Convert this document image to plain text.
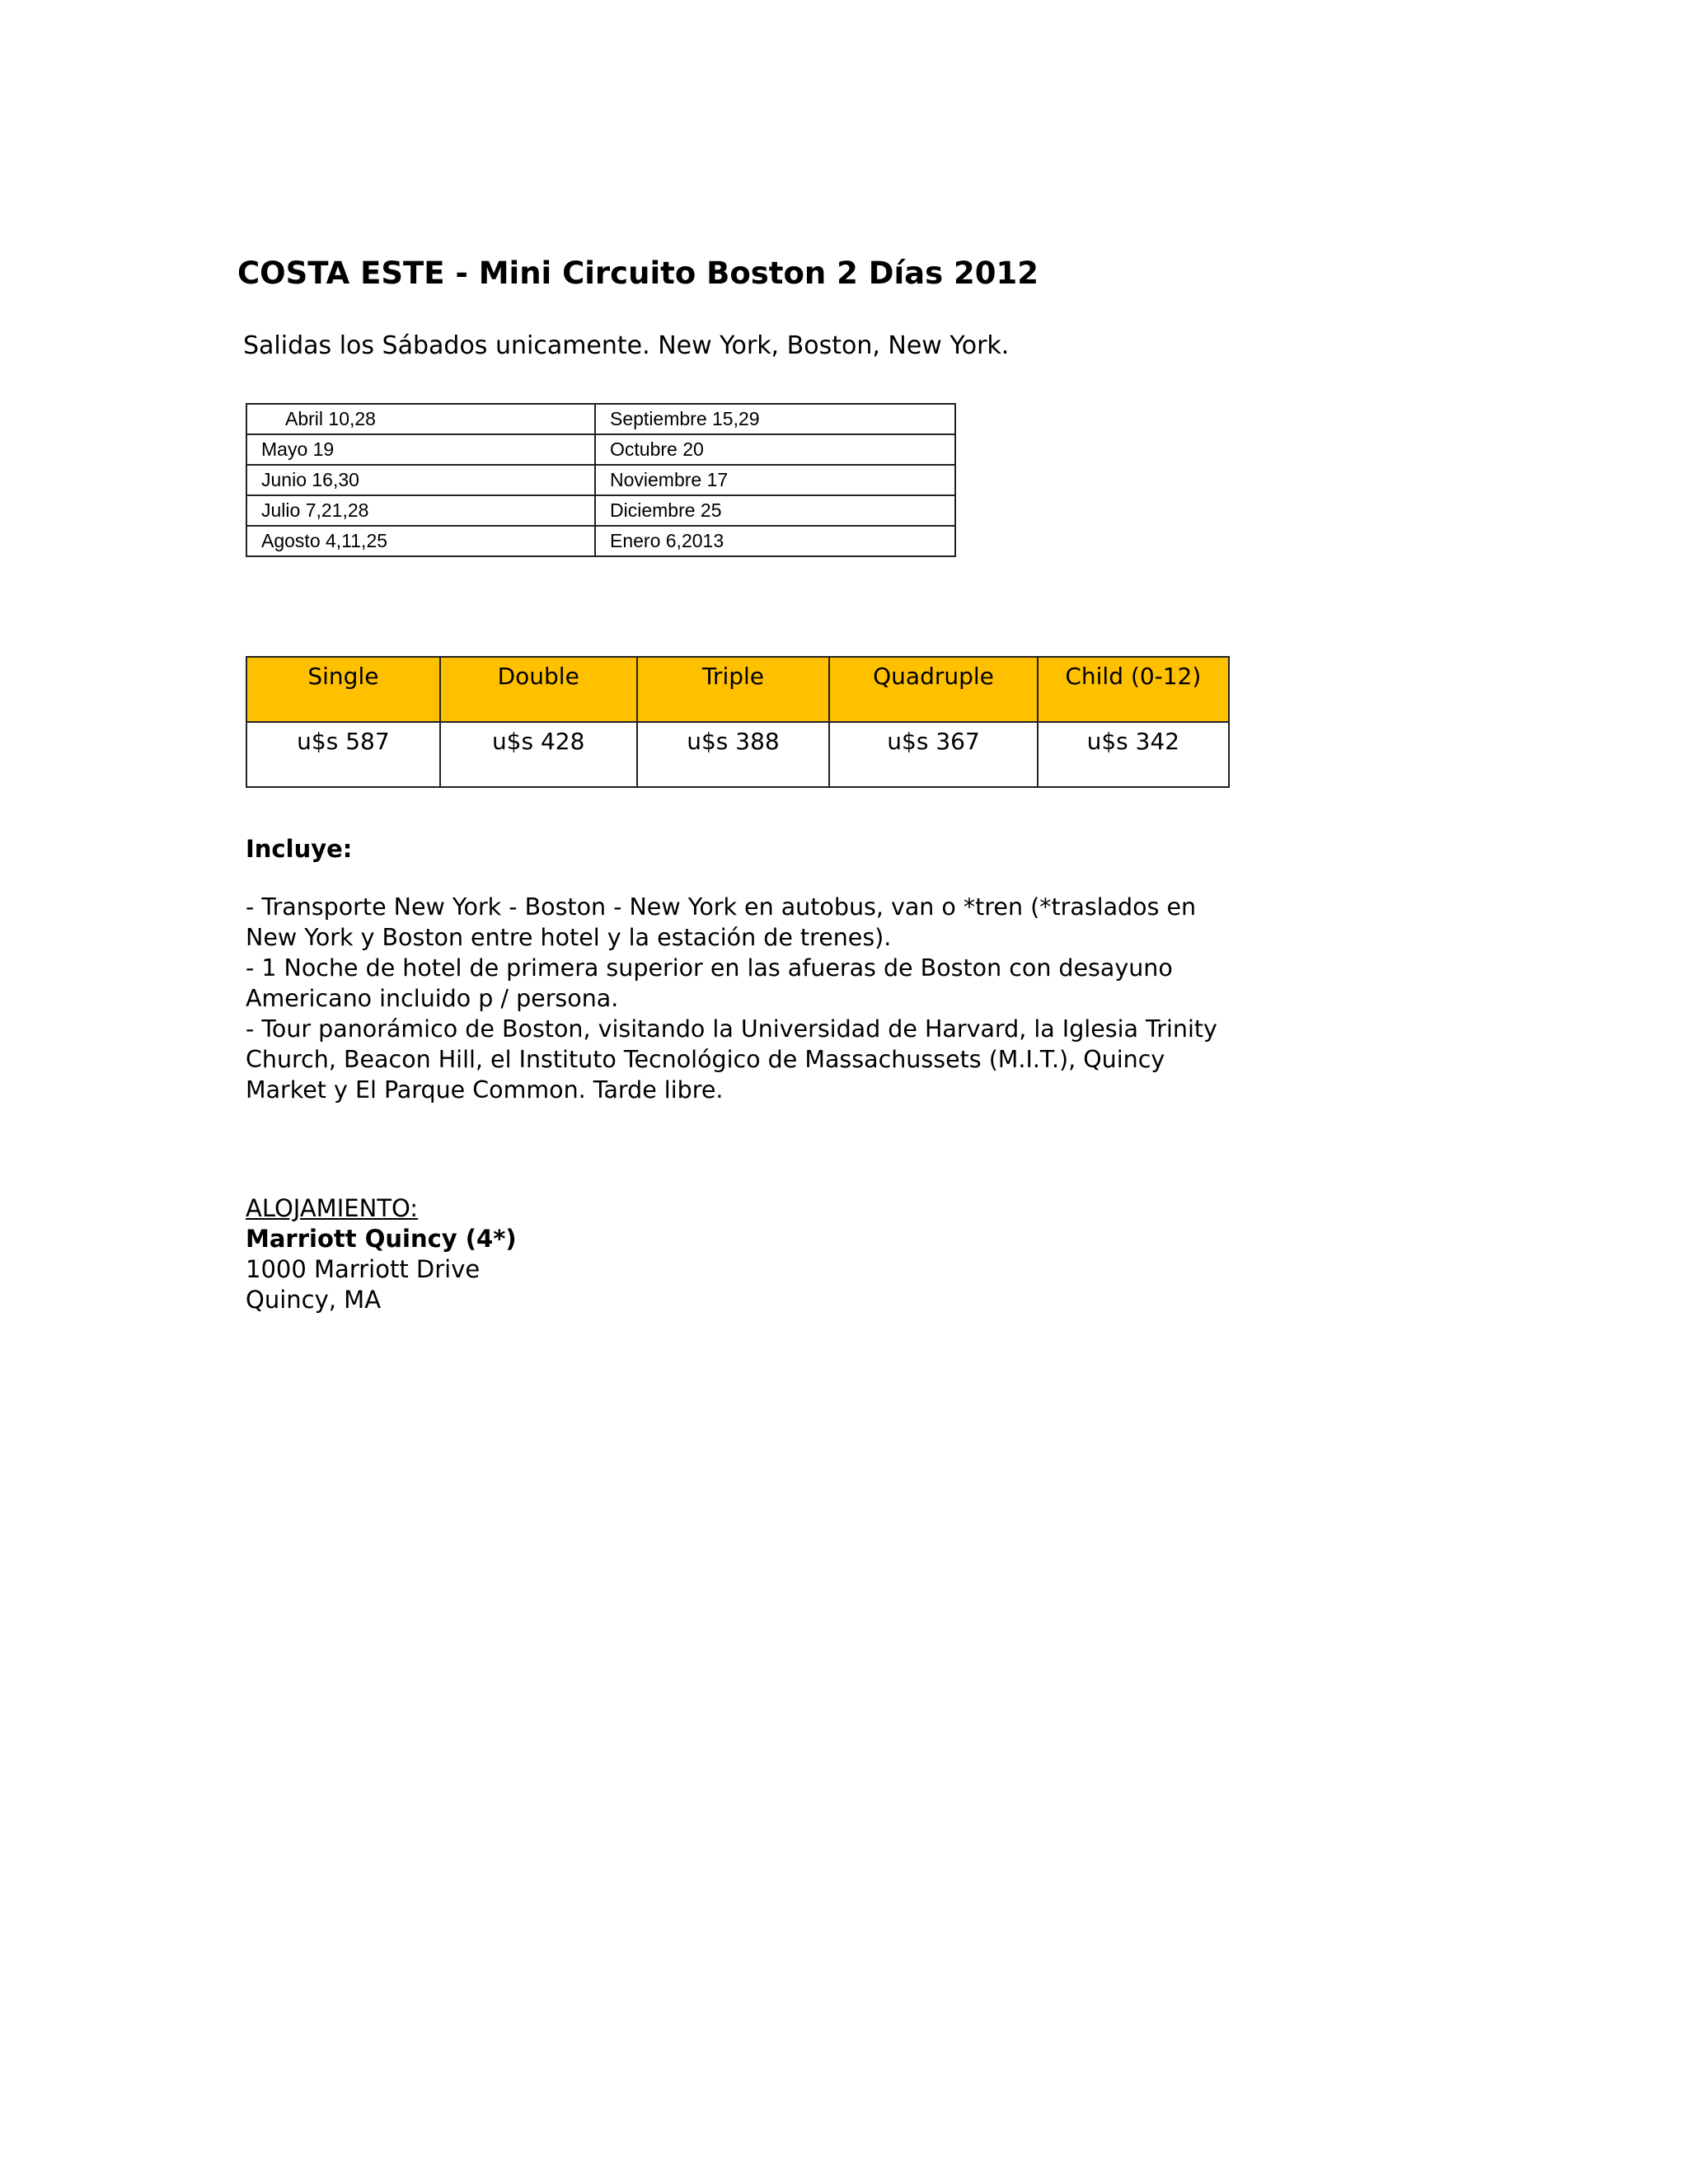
COSTA ESTE - Mini Circuito Boston 2 Días 2012

Salidas los Sábados unicamente. New York, Boston, New York.

Abril 10,28	Septiembre 15,29
Mayo 19	Octubre 20
Junio 16,30	Noviembre 17
Julio 7,21,28	Diciembre 25
Agosto 4,11,25	Enero 6,2013
Single	Double	Triple	Quadruple	Child (0-12)
u$s 587	u$s 428	u$s 388	u$s 367	u$s 342
Incluye:

- Transporte New York - Boston - New York en autobus, van o *tren (*traslados en New York y Boston entre hotel y la estación de trenes).

- 1 Noche de hotel de primera superior en las afueras de Boston con desayuno Americano incluido p / persona.

- Tour panorámico de Boston, visitando la Universidad de Harvard, la Iglesia Trinity Church, Beacon Hill, el Instituto Tecnológico de Massachussets (M.I.T.), Quincy Market y El Parque Common. Tarde libre.

ALOJAMIENTO:
Marriott Quincy (4*)
1000 Marriott Drive
Quincy, MA
